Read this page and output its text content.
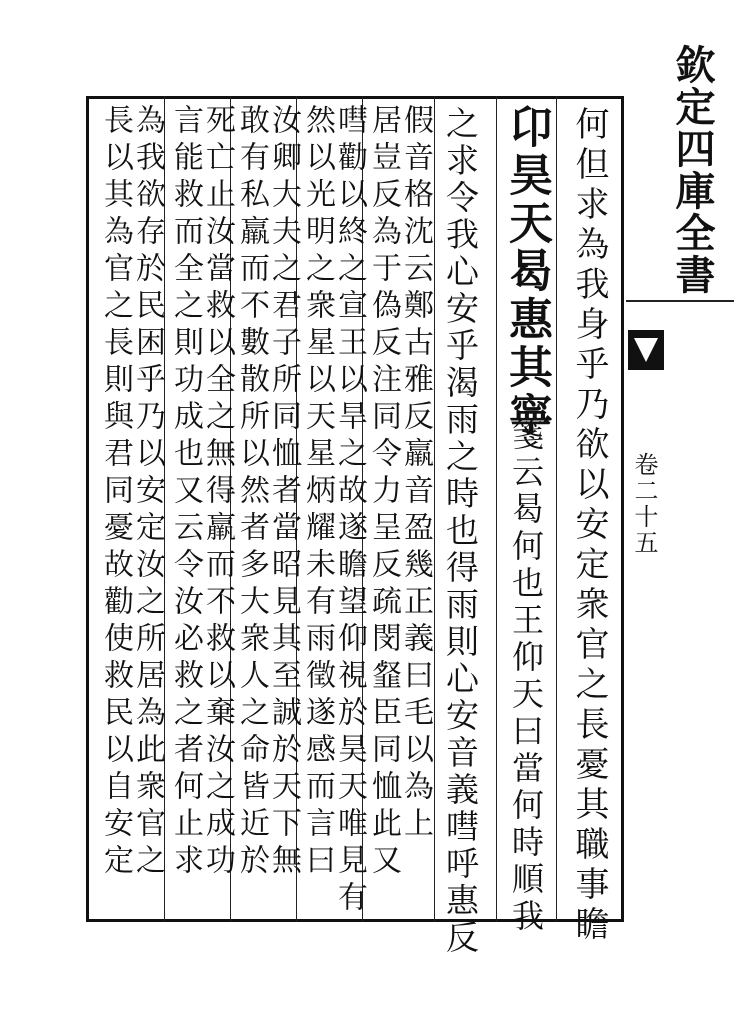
欽定四庫全書
卷二十五
何但求為我身乎乃欲以安定衆官之長憂其職事瞻
卬昊天曷惠其寧
箋云曷何也王仰天曰當何時順我
之求令我心安乎渴雨之時也得雨則心安音義嘒呼惠反
假音格沈云鄭古雅反羸音盈幾正義曰毛以為上
居豈反為于偽反注同令力呈反疏閔韰臣同恤此又
嘒勸以終之宣王以旱之故遂瞻望仰視於昊天唯見有
然以光明之衆星以天星炳耀未有雨徵遂感而言曰
汝卿大夫之君子所同恤者當昭見其至誠於天下無
敢有私羸而不數散所以然者多大衆人之命皆近於
死亡止汝當救以全之無得羸而不救以棄汝之成功
言能救而全之則功成也又云令汝必救之者何止求
為我欲存於民困乎乃以安定汝之所居為此衆官之
長以其為官之長則與君同憂故勸使救民以自安定
